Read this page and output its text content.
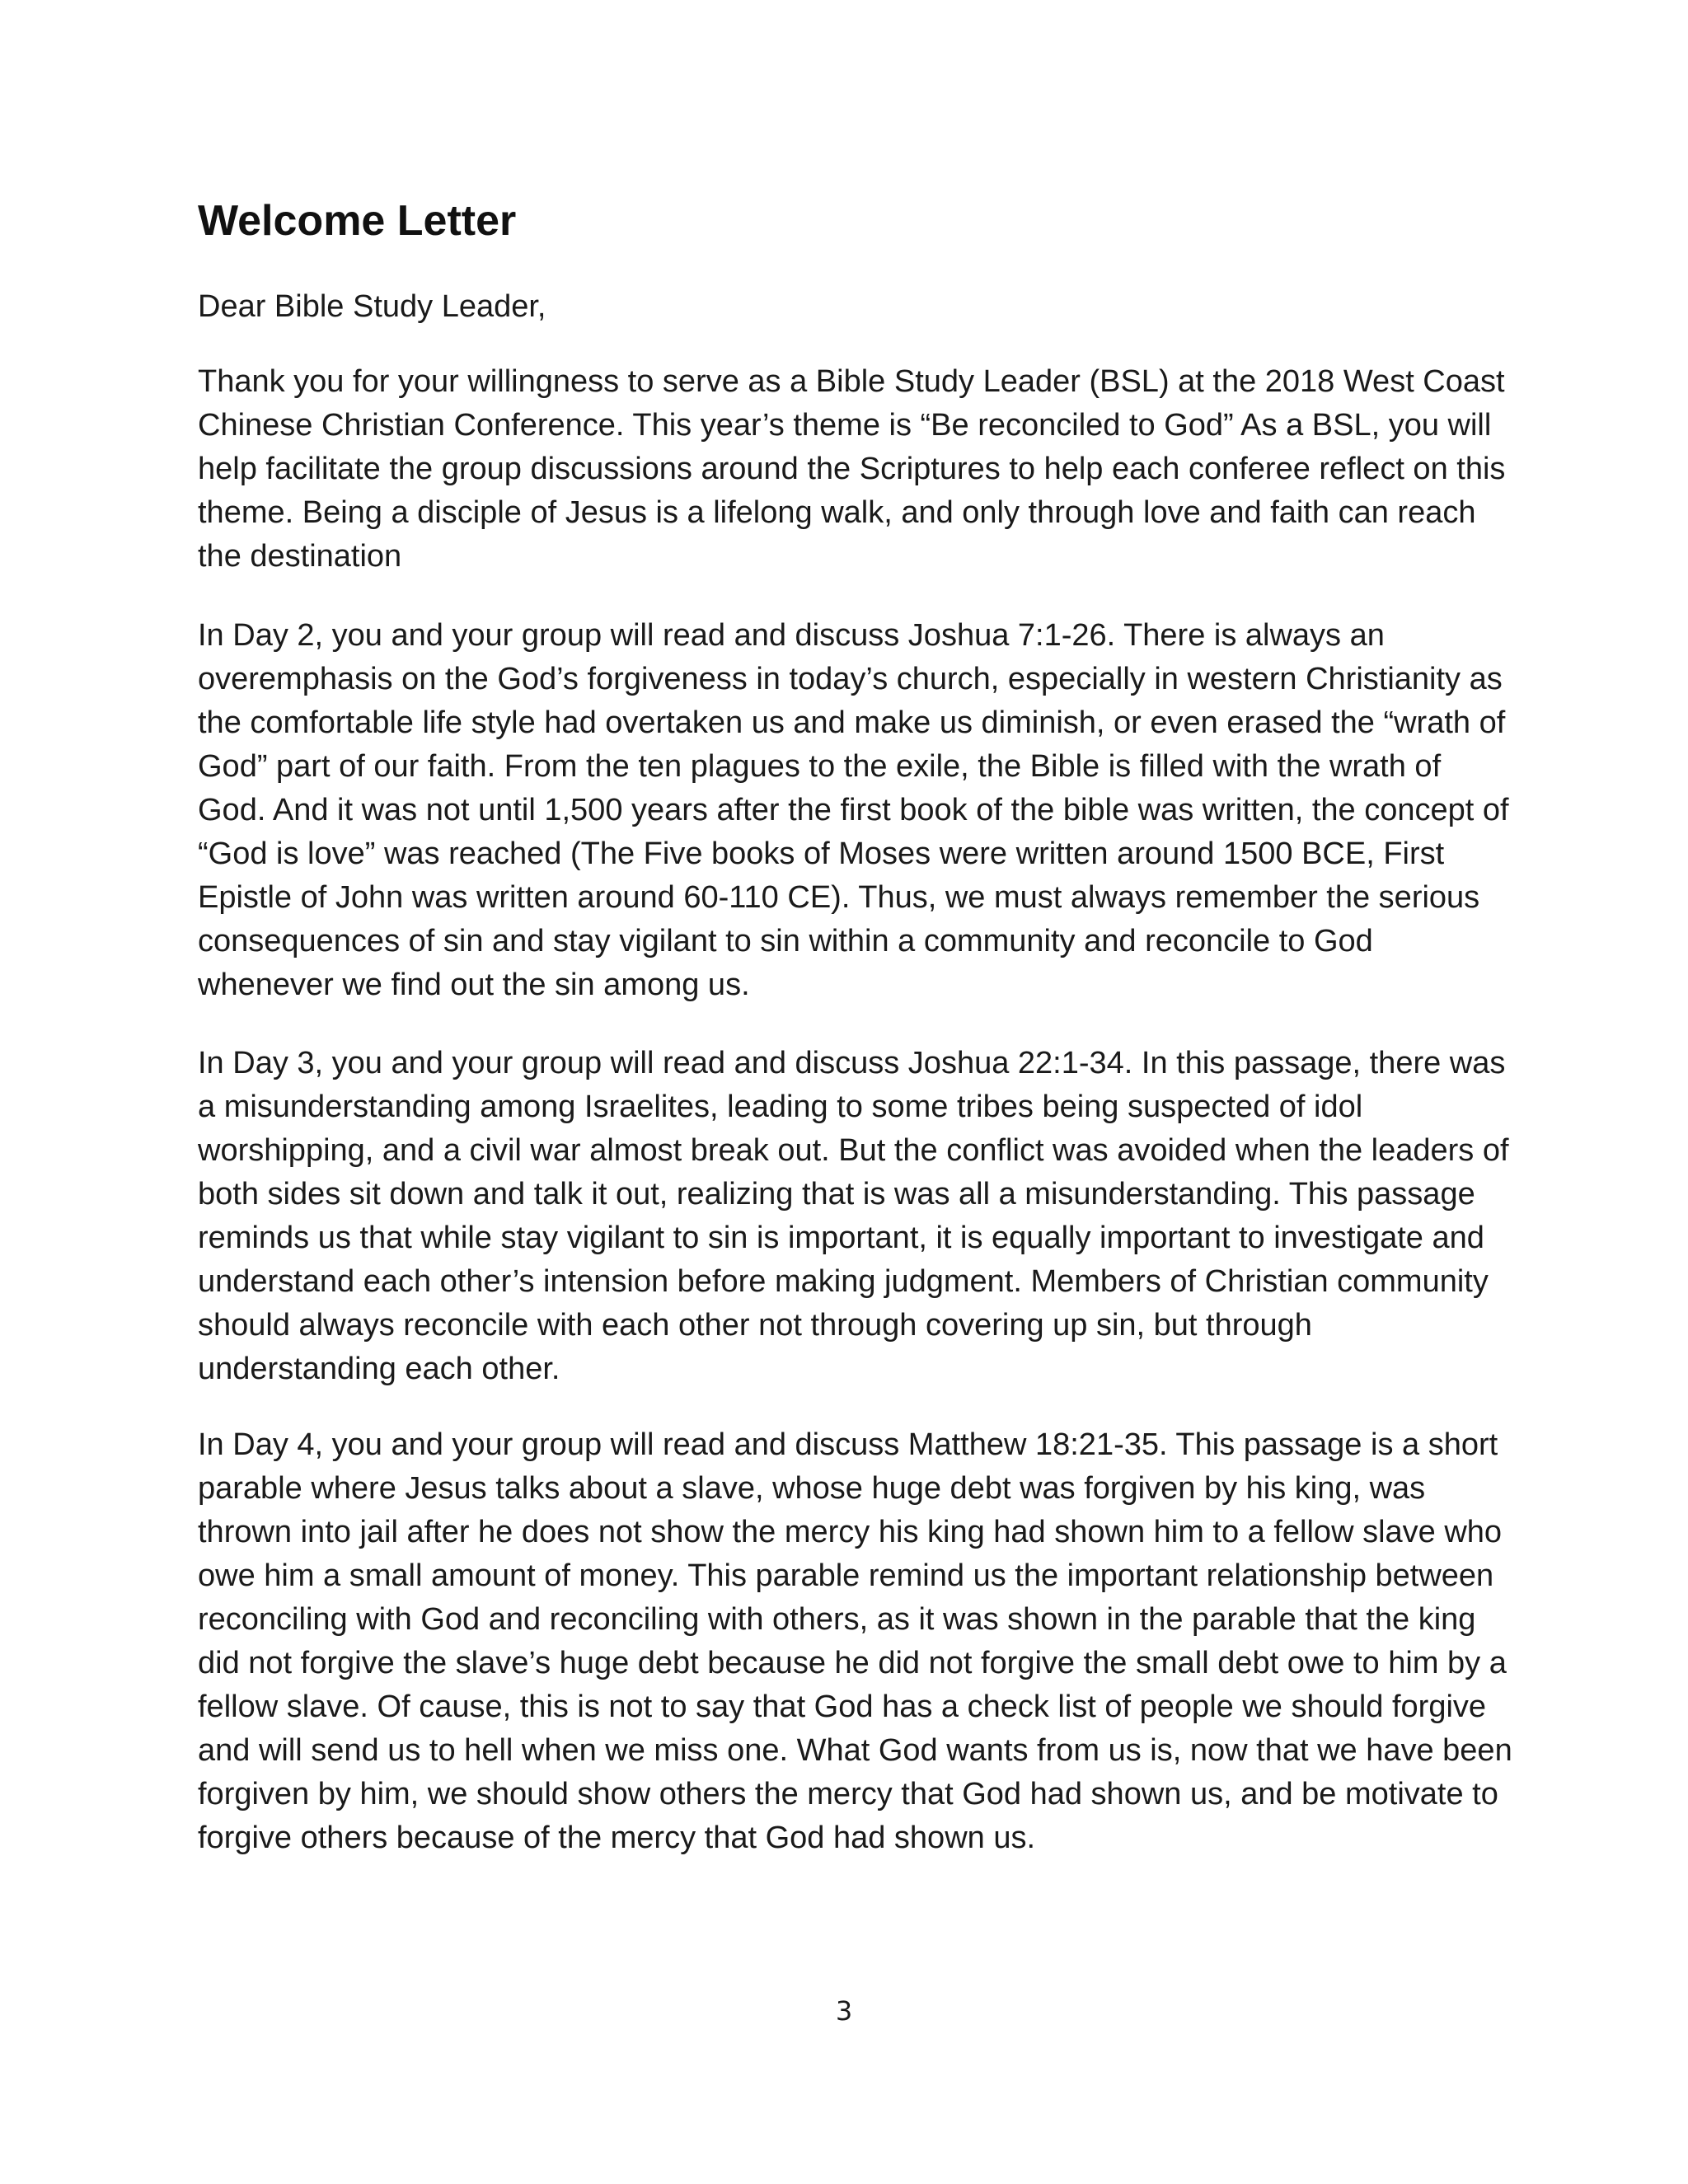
Welcome Letter

Dear Bible Study Leader,

Thank you for your willingness to serve as a Bible Study Leader (BSL) at the 2018 West Coast Chinese Christian Conference. This year’s theme is “Be reconciled to God” As a BSL, you will help facilitate the group discussions around the Scriptures to help each conferee reflect on this theme. Being a disciple of Jesus is a lifelong walk, and only through love and faith can reach the destination

In Day 2, you and your group will read and discuss Joshua 7:1-26. There is always an overemphasis on the God’s forgiveness in today’s church, especially in western Christianity as the comfortable life style had overtaken us and make us diminish, or even erased the “wrath of God” part of our faith. From the ten plagues to the exile, the Bible is filled with the wrath of God. And it was not until 1,500 years after the first book of the bible was written, the concept of “God is love” was reached (The Five books of Moses were written around 1500 BCE, First Epistle of John was written around 60-110 CE). Thus, we must always remember the serious consequences of sin and stay vigilant to sin within a community and reconcile to God whenever we find out the sin among us.

In Day 3, you and your group will read and discuss Joshua 22:1-34. In this passage, there was a misunderstanding among Israelites, leading to some tribes being suspected of idol worshipping, and a civil war almost break out. But the conflict was avoided when the leaders of both sides sit down and talk it out, realizing that is was all a misunderstanding. This passage reminds us that while stay vigilant to sin is important, it is equally important to investigate and understand each other’s intension before making judgment. Members of Christian community should always reconcile with each other not through covering up sin, but through understanding each other.

In Day 4, you and your group will read and discuss Matthew 18:21-35. This passage is a short parable where Jesus talks about a slave, whose huge debt was forgiven by his king, was thrown into jail after he does not show the mercy his king had shown him to a fellow slave who owe him a small amount of money. This parable remind us the important relationship between reconciling with God and reconciling with others, as it was shown in the parable that the king did not forgive the slave’s huge debt because he did not forgive the small debt owe to him by a fellow slave. Of cause, this is not to say that God has a check list of people we should forgive and will send us to hell when we miss one. What God wants from us is, now that we have been forgiven by him, we should show others the mercy that God had shown us, and be motivate to forgive others because of the mercy that God had shown us.

3
